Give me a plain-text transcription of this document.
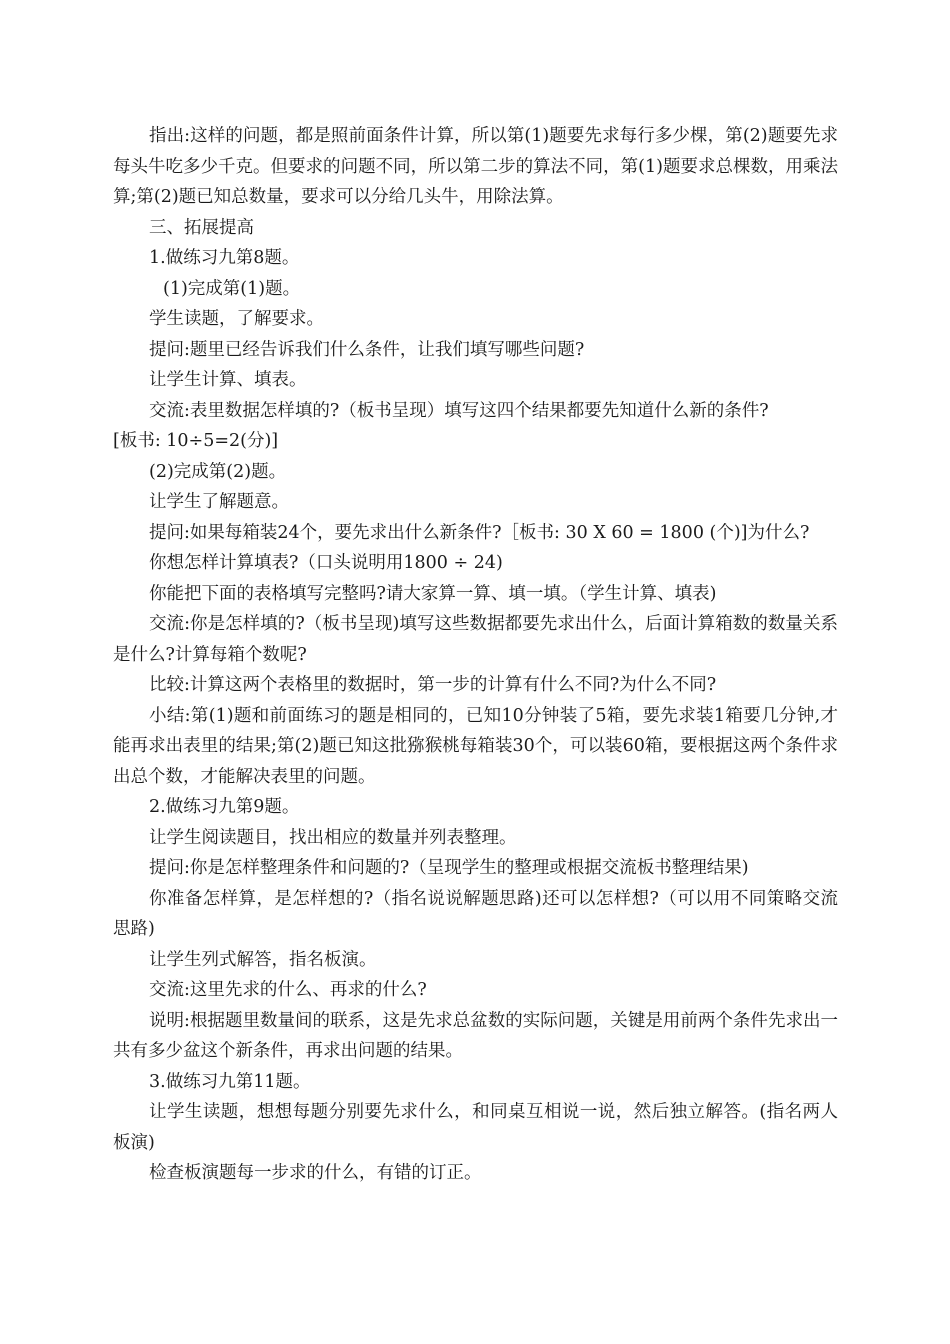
指出:这样的问题，都是照前面条件计算，所以第(1)题要先求每行多少棵，第(2)题要先求每头牛吃多少千克。但要求的问题不同，所以第二步的算法不同，第(1)题要求总棵数，用乘法算;第(2)题已知总数量，要求可以分给几头牛，用除法算。

三、拓展提高

1.做练习九第8题。

(1)完成第(1)题。

学生读题，了解要求。

提问:题里已经告诉我们什么条件，让我们填写哪些问题?

让学生计算、填表。

交流:表里数据怎样填的?（板书呈现）填写这四个结果都要先知道什么新的条件?

[板书: 10÷5=2(分)]

(2)完成第(2)题。

让学生了解题意。

提问:如果每箱装24个，要先求出什么新条件?［板书: 30 X 60 = 1800 (个)]为什么?

你想怎样计算填表?（口头说明用1800 ÷ 24)

你能把下面的表格填写完整吗?请大家算一算、填一填。（学生计算、填表)

交流:你是怎样填的?（板书呈现)填写这些数据都要先求出什么，后面计算箱数的数量关系是什么?计算每箱个数呢?

比较:计算这两个表格里的数据时，第一步的计算有什么不同?为什么不同?

小结:第(1)题和前面练习的题是相同的，已知10分钟装了5箱，要先求装1箱要几分钟,才能再求出表里的结果;第(2)题已知这批猕猴桃每箱装30个，可以装60箱，要根据这两个条件求出总个数，才能解决表里的问题。

2.做练习九第9题。

让学生阅读题目，找出相应的数量并列表整理。

提问:你是怎样整理条件和问题的?（呈现学生的整理或根据交流板书整理结果)

你准备怎样算，是怎样想的?（指名说说解题思路)还可以怎样想?（可以用不同策略交流思路)

让学生列式解答，指名板演。

交流:这里先求的什么、再求的什么?

说明:根据题里数量间的联系，这是先求总盆数的实际问题，关键是用前两个条件先求出一共有多少盆这个新条件，再求出问题的结果。

3.做练习九第11题。

让学生读题，想想每题分别要先求什么，和同桌互相说一说，然后独立解答。(指名两人板演)

检查板演题每一步求的什么，有错的订正。
